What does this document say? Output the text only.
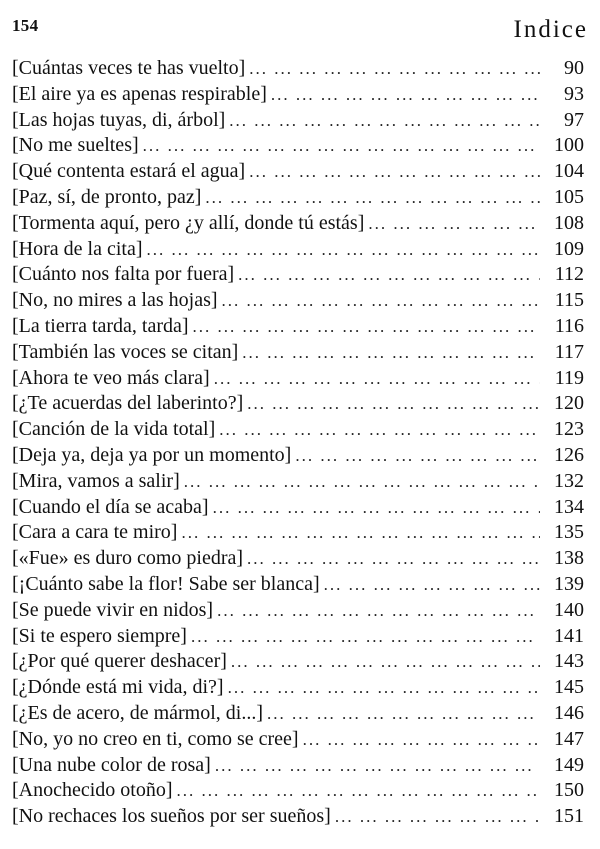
154	Indice
[Cuántas veces te has vuelto] ... .	90
[El aire ya es apenas respirable] ... .	93
[Las hojas tuyas, di, árbol] ... .	97
[No me sueltes] ... .	100
[Qué contenta estará el agua] ... .	104
[Paz, sí, de pronto, paz] ... .	105
[Tormenta aquí, pero ¿y allí, donde tú estás] ... .	108
[Hora de la cita] ... .	109
[Cuánto nos falta por fuera] ... .	112
[No, no mires a las hojas] ... .	115
[La tierra tarda, tarda] ... .	116
[También las voces se citan] ... .	117
[Ahora te veo más clara] ... .	119
[¿Te acuerdas del laberinto?] ... .	120
[Canción de la vida total] ... .	123
[Deja ya, deja ya por un momento] ... .	126
[Mira, vamos a salir] ... .	132
[Cuando el día se acaba] ... .	134
[Cara a cara te miro] ... .	135
[«Fue» es duro como piedra] ... .	138
[¡Cuánto sabe la flor! Sabe ser blanca] ... .	139
[Se puede vivir en nidos] ... .	140
[Si te espero siempre] ... .	141
[¿Por qué querer deshacer] ... .	143
[¿Dónde está mi vida, di?] ... .	145
[¿Es de acero, de mármol, di...] ... .	146
[No, yo no creo en ti, como se cree] ... .	147
[Una nube color de rosa] ... .	149
[Anochecido otoño] ... .	150
[No rechaces los sueños por ser sueños] ... .	151
